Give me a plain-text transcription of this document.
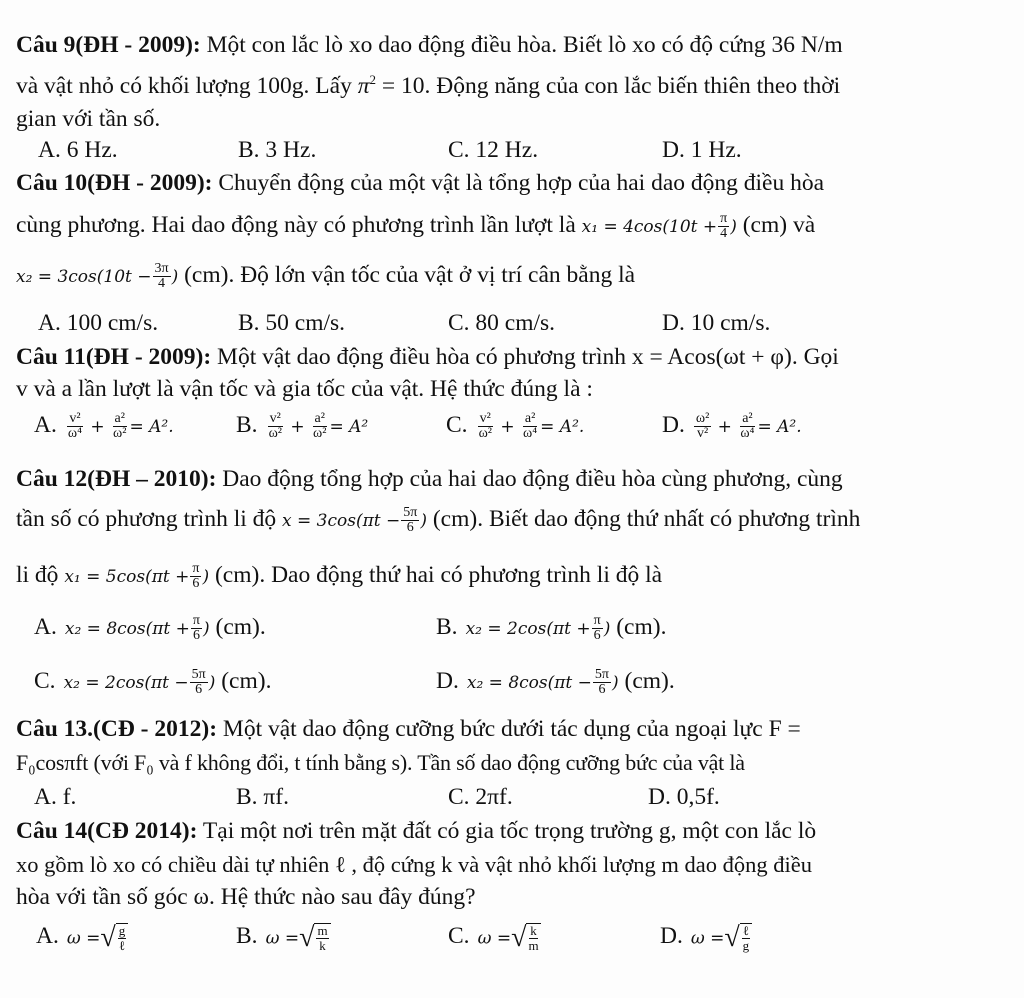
Câu 9(ĐH - 2009): Một con lắc lò xo dao động điều hòa. Biết lò xo có độ cứng 36 N/m
và vật nhỏ có khối lượng 100g. Lấy $\pi^2 = 10$. Động năng của con lắc biến thiên theo thời
gian với tần số.
A. 6 Hz.	B. 3 Hz.	C. 12 Hz.	D. 1 Hz.
Câu 10(ĐH - 2009): Chuyển động của một vật là tổng hợp của hai dao động điều hòa
cùng phương. Hai dao động này có phương trình lần lượt là $x_1 = 4\cos(10t + \frac{\pi}{4}$ ) (cm) và
$x_2 = 3\cos(10t - \frac{3\pi}{4}$ ) (cm). Độ lớn vận tốc của vật ở vị trí cân bằng là
A. 100 cm/s.	B. 50 cm/s.	C. 80 cm/s.	D. 10 cm/s.
Câu 11(ĐH - 2009): Một vật dao động điều hòa có phương trình x = Acos(ωt + φ). Gọi
v và a lần lượt là vận tốc và gia tốc của vật. Hệ thức đúng là :
A. $\frac{\text{v²}}{\text{ω⁴}} + \frac{\text{a²}}{\text{ω²}} = A^2$.	B. $\frac{\text{v²}}{\text{ω²}} + \frac{\text{a²}}{\text{ω²}} = A^2$	C. $\frac{\text{v²}}{\text{ω²}} + \frac{\text{a²}}{\text{ω⁴}} = A^2$.	D. $\frac{\text{ω²}}{\text{v²}} + \frac{\text{a²}}{\text{ω⁴}} = A^2$.
Câu 12(ĐH – 2010): Dao động tổng hợp của hai dao động điều hòa cùng phương, cùng
tần số có phương trình li độ $x = 3\cos(\pi t - \frac{5\pi}{6}$ ) (cm). Biết dao động thứ nhất có phương trình
li độ $x_1 = 5\cos(\pi t + \frac{\pi}{6}$ ) (cm). Dao động thứ hai có phương trình li độ là
A. $x_2 = 8\cos(\pi t + \frac{\pi}{6}$ ) (cm).	B. $x_2 = 2\cos(\pi t + \frac{\pi}{6}$ ) (cm).
C. $x_2 = 2\cos(\pi t - \frac{5\pi}{6}$ ) (cm).	D. $x_2 = 8\cos(\pi t - \frac{5\pi}{6}$ ) (cm).
Câu 13.(CĐ - 2012): Một vật dao động cưỡng bức dưới tác dụng của ngoại lực F =
F₀cosπft (với F₀ và f không đổi, t tính bằng s). Tần số dao động cưỡng bức của vật là
A. f.	B. πf.	C. 2πf.	D. 0,5f.
Câu 14(CĐ 2014): Tại một nơi trên mặt đất có gia tốc trọng trường g, một con lắc lò
xo gồm lò xo có chiều dài tự nhiên ℓ , độ cứng k và vật nhỏ khối lượng m dao động điều
hòa với tần số góc ω. Hệ thức nào sau đây đúng?
A. ω =√ g
ℓ	B. ω =√ $\frac{m}{k}$	C. ω =√ $\frac{k}{m}$	D. ω =√ ℓ
g
